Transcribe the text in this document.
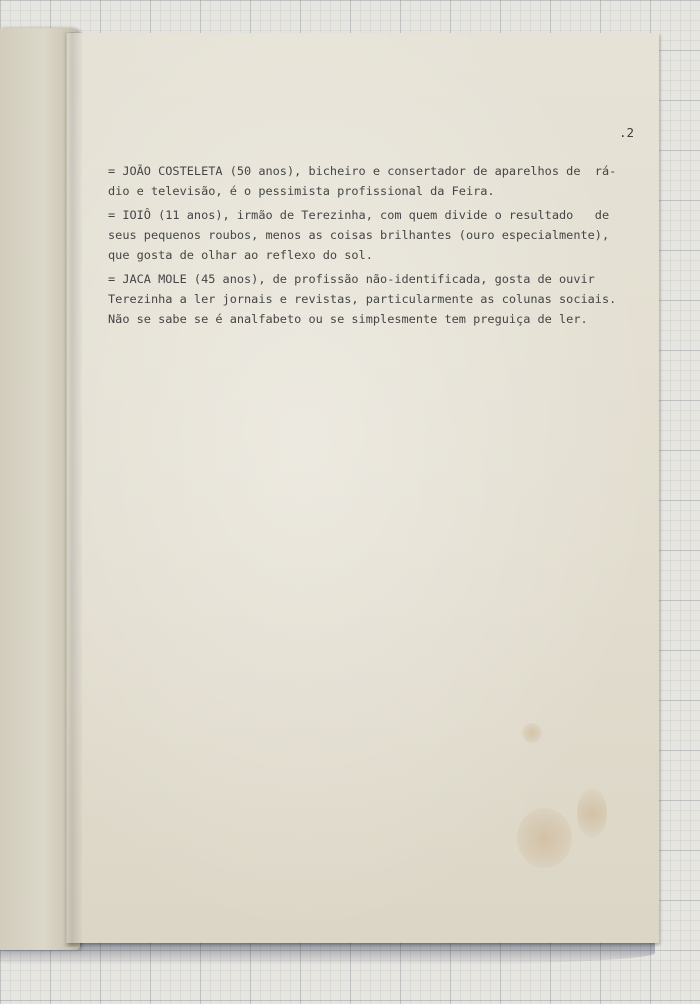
.2

= JOÃO COSTELETA (50 anos), bicheiro e consertador de aparelhos de  rá-
dio e televisão, é o pessimista profissional da Feira.

= IOIÔ (11 anos), irmão de Terezinha, com quem divide o resultado   de
seus pequenos roubos, menos as coisas brilhantes (ouro especialmente),
que gosta de olhar ao reflexo do sol.

= JACA MOLE (45 anos), de profissão não-identificada, gosta de ouvir
Terezinha a ler jornais e revistas, particularmente as colunas sociais.
Não se sabe se é analfabeto ou se simplesmente tem preguiça de ler.
